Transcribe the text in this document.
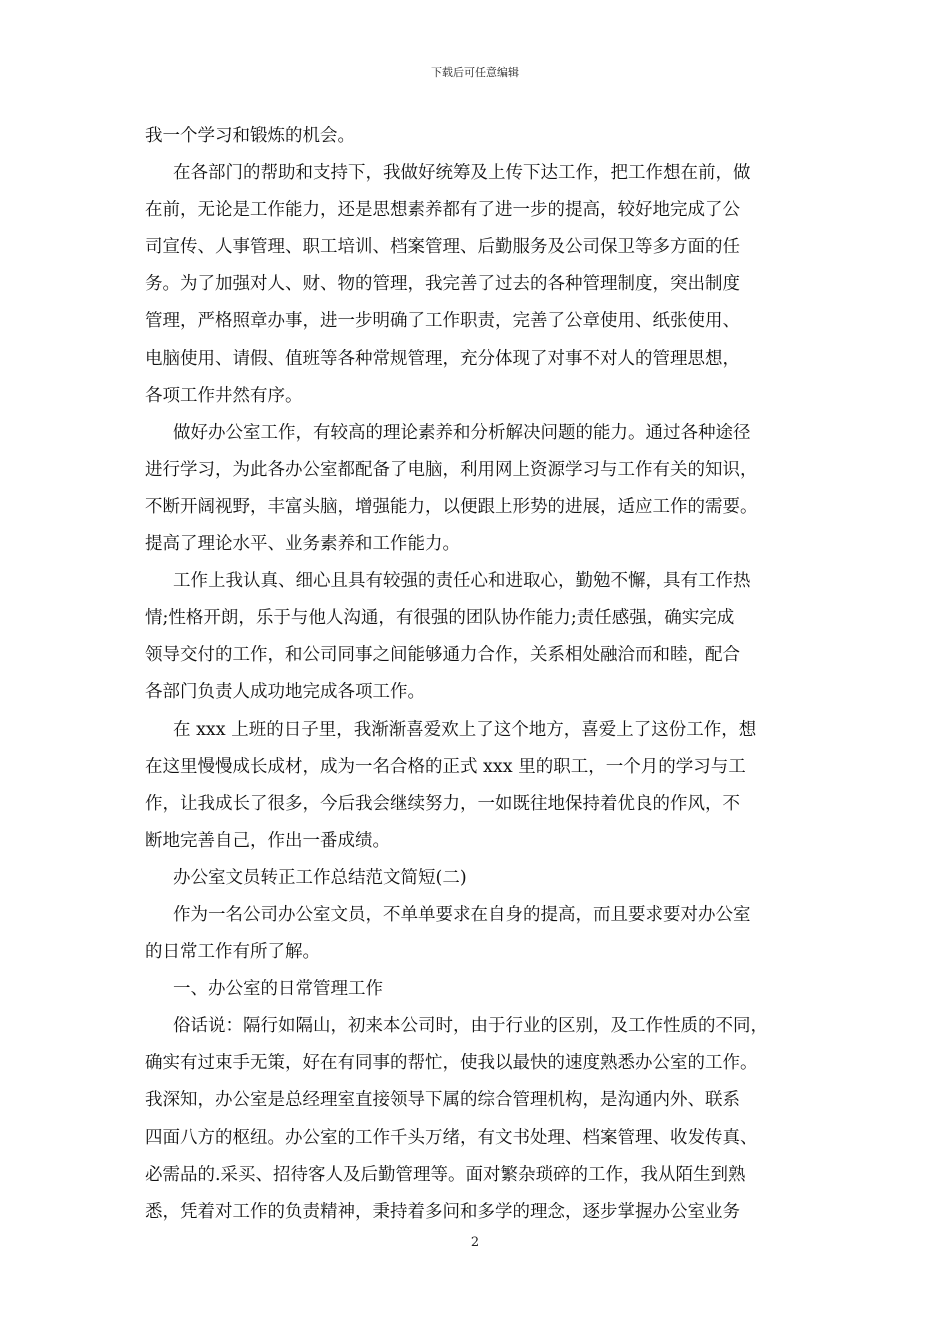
下载后可任意编辑
我一个学习和锻炼的机会。
在各部门的帮助和支持下，我做好统筹及上传下达工作，把工作想在前，做
在前，无论是工作能力，还是思想素养都有了进一步的提高，较好地完成了公
司宣传、人事管理、职工培训、档案管理、后勤服务及公司保卫等多方面的任
务。为了加强对人、财、物的管理，我完善了过去的各种管理制度，突出制度
管理，严格照章办事，进一步明确了工作职责，完善了公章使用、纸张使用、
电脑使用、请假、值班等各种常规管理，充分体现了对事不对人的管理思想，
各项工作井然有序。
做好办公室工作，有较高的理论素养和分析解决问题的能力。通过各种途径
进行学习，为此各办公室都配备了电脑，利用网上资源学习与工作有关的知识，
不断开阔视野，丰富头脑，增强能力，以便跟上形势的进展，适应工作的需要。
提高了理论水平、业务素养和工作能力。
工作上我认真、细心且具有较强的责任心和进取心，勤勉不懈，具有工作热
情;性格开朗，乐于与他人沟通，有很强的团队协作能力;责任感强，确实完成
领导交付的工作，和公司同事之间能够通力合作，关系相处融洽而和睦，配合
各部门负责人成功地完成各项工作。
在 xxx 上班的日子里，我渐渐喜爱欢上了这个地方，喜爱上了这份工作，想
在这里慢慢成长成材，成为一名合格的正式 xxx 里的职工，一个月的学习与工
作，让我成长了很多，今后我会继续努力，一如既往地保持着优良的作风，不
断地完善自己，作出一番成绩。
办公室文员转正工作总结范文简短(二)
作为一名公司办公室文员，不单单要求在自身的提高，而且要求要对办公室
的日常工作有所了解。
一、办公室的日常管理工作
俗话说：隔行如隔山，初来本公司时，由于行业的区别，及工作性质的不同，
确实有过束手无策，好在有同事的帮忙，使我以最快的速度熟悉办公室的工作。
我深知，办公室是总经理室直接领导下属的综合管理机构，是沟通内外、联系
四面八方的枢纽。办公室的工作千头万绪，有文书处理、档案管理、收发传真、
必需品的.采买、招待客人及后勤管理等。面对繁杂琐碎的工作，我从陌生到熟
悉，凭着对工作的负责精神，秉持着多问和多学的理念，逐步掌握办公室业务
2
